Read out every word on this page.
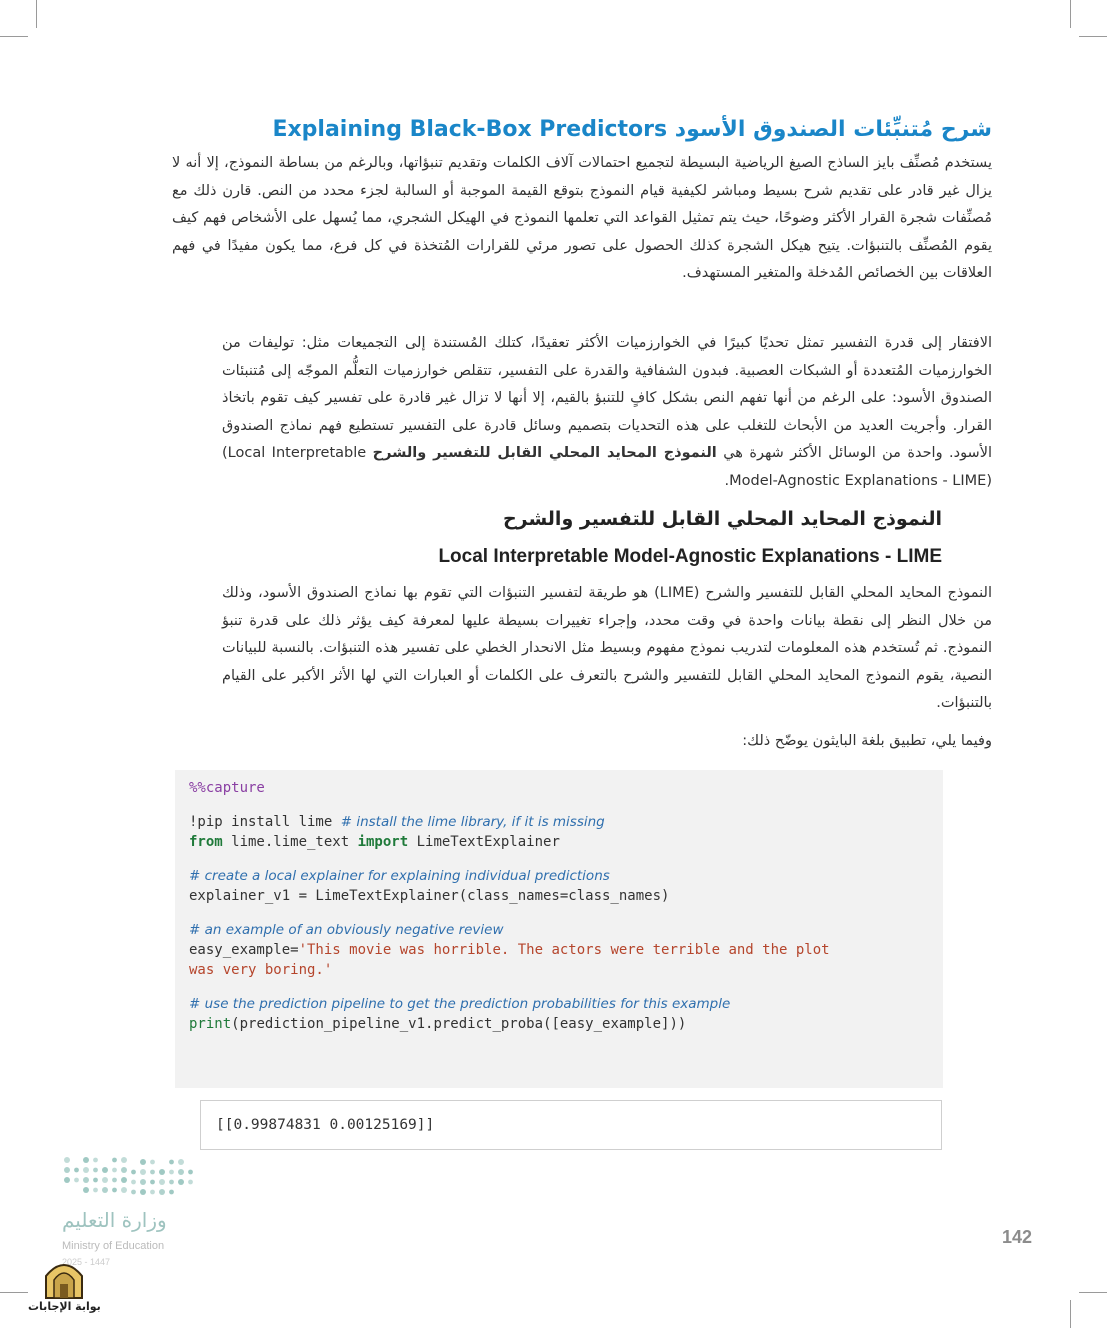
شرح مُتنبِّئات الصندوق الأسود Explaining Black-Box Predictors

يستخدم مُصنِّف بايز الساذج الصيغ الرياضية البسيطة لتجميع احتمالات آلاف الكلمات وتقديم تنبؤاتها، وبالرغم من بساطة النموذج، إلا أنه لا يزال غير قادر على تقديم شرح بسيط ومباشر لكيفية قيام النموذج بتوقع القيمة الموجبة أو السالبة لجزء محدد من النص. قارن ذلك مع مُصنِّفات شجرة القرار الأكثر وضوحًا، حيث يتم تمثيل القواعد التي تعلمها النموذج في الهيكل الشجري، مما يُسهل على الأشخاص فهم كيف يقوم المُصنِّف بالتنبؤات. يتيح هيكل الشجرة كذلك الحصول على تصور مرئي للقرارات المُتخذة في كل فرع، مما يكون مفيدًا في فهم العلاقات بين الخصائص المُدخلة والمتغير المستهدف.

الافتقار إلى قدرة التفسير تمثل تحديًا كبيرًا في الخوارزميات الأكثر تعقيدًا، كتلك المُستندة إلى التجميعات مثل: توليفات من الخوارزميات المُتعددة أو الشبكات العصبية. فبدون الشفافية والقدرة على التفسير، تتقلص خوارزميات التعلُّم الموجّه إلى مُتنبئات الصندوق الأسود: على الرغم من أنها تفهم النص بشكل كافٍ للتنبؤ بالقيم، إلا أنها لا تزال غير قادرة على تفسير كيف تقوم باتخاذ القرار. وأجريت العديد من الأبحاث للتغلب على هذه التحديات بتصميم وسائل قادرة على التفسير تستطيع فهم نماذج الصندوق الأسود. واحدة من الوسائل الأكثر شهرة هي النموذج المحايد المحلي القابل للتفسير والشرح (Local Interpretable Model-Agnostic Explanations - LIME).

النموذج المحايد المحلي القابل للتفسير والشرح

Local Interpretable Model-Agnostic Explanations - LIME

النموذج المحايد المحلي القابل للتفسير والشرح (LIME) هو طريقة لتفسير التنبؤات التي تقوم بها نماذج الصندوق الأسود، وذلك من خلال النظر إلى نقطة بيانات واحدة في وقت محدد، وإجراء تغييرات بسيطة عليها لمعرفة كيف يؤثر ذلك على قدرة تنبؤ النموذج. ثم تُستخدم هذه المعلومات لتدريب نموذج مفهوم وبسيط مثل الانحدار الخطي على تفسير هذه التنبؤات. بالنسبة للبيانات النصية، يقوم النموذج المحايد المحلي القابل للتفسير والشرح بالتعرف على الكلمات أو العبارات التي لها الأثر الأكبر على القيام بالتنبؤات.

وفيما يلي، تطبيق بلغة البايثون يوضّح ذلك:

%%capture

!pip install lime # install the lime library, if it is missing

from lime.lime_text import LimeTextExplainer

# create a local explainer for explaining individual predictions

explainer_v1 = LimeTextExplainer(class_names=class_names)

# an example of an obviously negative review

easy_example='This movie was horrible. The actors were terrible and the plot

was very boring.'

# use the prediction pipeline to get the prediction probabilities for this example

print(prediction_pipeline_v1.predict_proba([easy_example]))

[[0.99874831 0.00125169]]

وزارة التعليم

Ministry of Education

2025 - 1447

142

بوابة الإجابات
